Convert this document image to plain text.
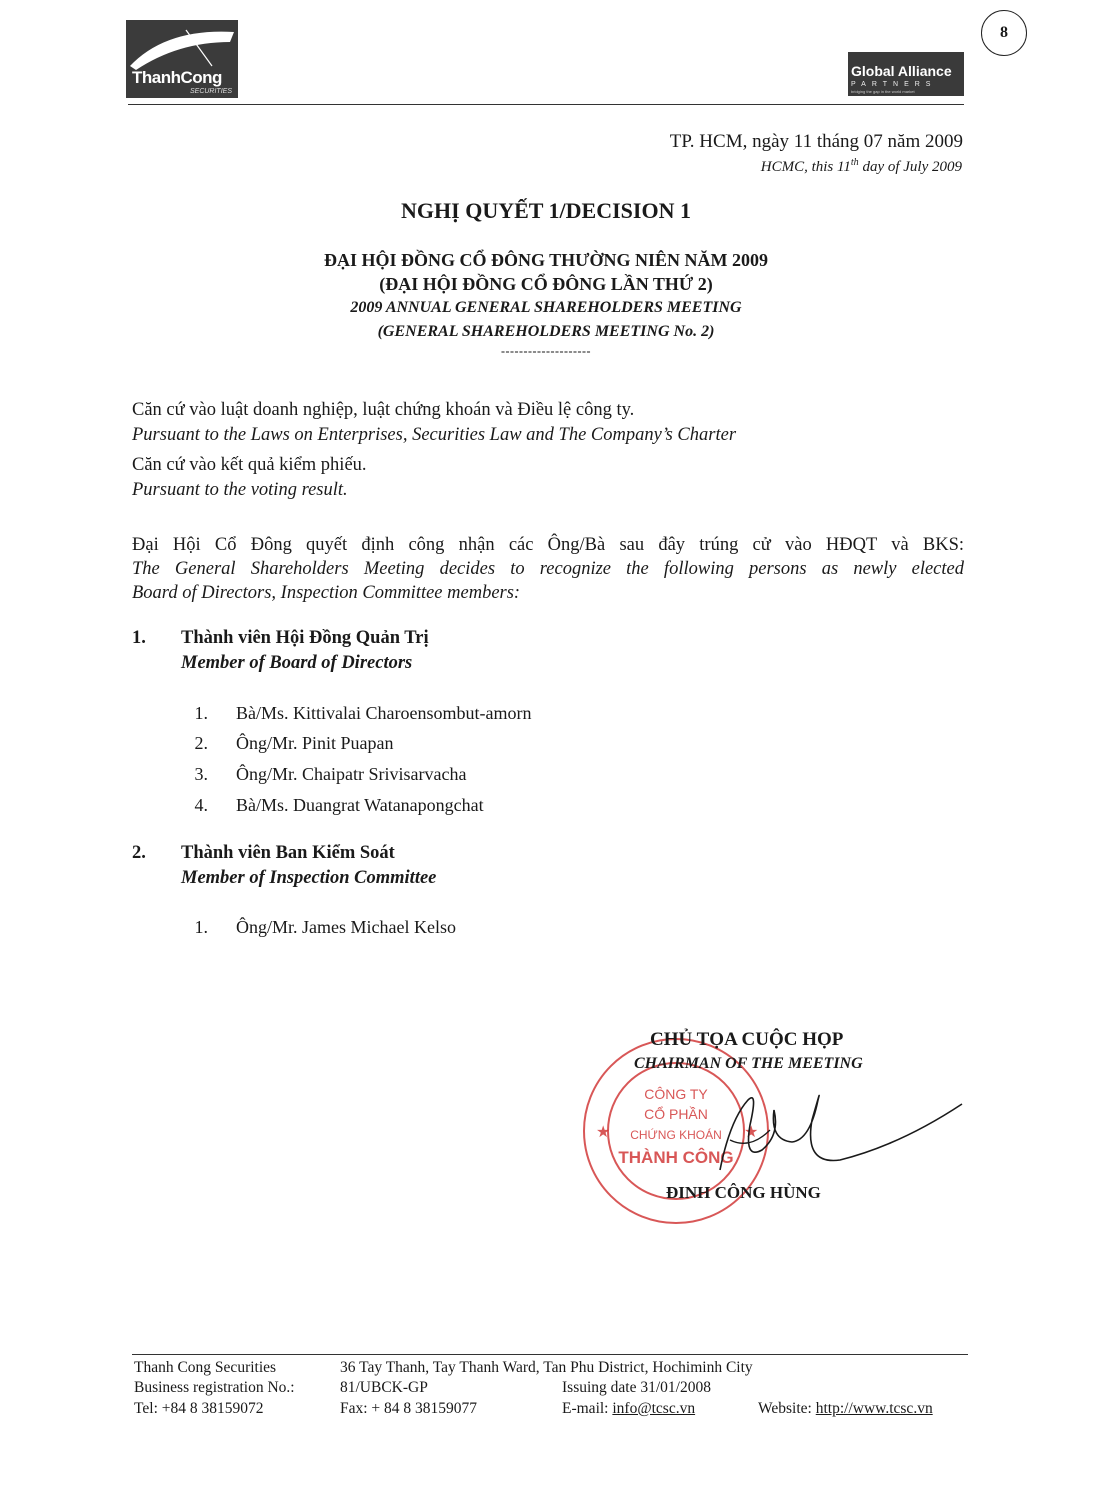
ThanhCong
SECURITIES
Global Alliance
PARTNERS
bridging the gap in the world market
8
TP. HCM, ngày 11 tháng 07 năm 2009
HCMC, this 11th day of July 2009
NGHỊ QUYẾT 1/DECISION 1
ĐẠI HỘI ĐỒNG CỔ ĐÔNG THƯỜNG NIÊN NĂM 2009
(ĐẠI HỘI ĐỒNG CỔ ĐÔNG LẦN THỨ 2)
2009 ANNUAL GENERAL SHAREHOLDERS MEETING
(GENERAL SHAREHOLDERS MEETING No. 2)
--------------------
Căn cứ vào luật doanh nghiệp, luật chứng khoán và Điều lệ công ty.
Pursuant to the Laws on Enterprises, Securities Law and The Company’s Charter
Căn cứ vào kết quả kiểm phiếu.
Pursuant to the voting result.
Đại Hội Cổ Đông quyết định công nhận các Ông/Bà sau đây trúng cử vào HĐQT và BKS:
The General Shareholders Meeting decides to recognize the following persons as newly elected
Board of Directors, Inspection Committee members:
1. Thành viên Hội Đồng Quản Trị
Member of Board of Directors
1. Bà/Ms. Kittivalai Charoensombut-amorn
2. Ông/Mr. Pinit Puapan
3. Ông/Mr. Chaipatr Srivisarvacha
4. Bà/Ms. Duangrat Watanapongchat
2. Thành viên Ban Kiểm Soát
Member of Inspection Committee
1. Ông/Mr. James Michael Kelso
CÔNG TY
CỔ PHẦN
CHỨNG KHOÁN
THÀNH CÔNG
★	★
CHỦ TỌA CUỘC HỌP
CHAIRMAN OF THE MEETING
ĐINH CÔNG HÙNG
Thanh Cong Securities	36 Tay Thanh, Tay Thanh Ward, Tan Phu District, Hochiminh City
Business registration No.:	81/UBCK-GP	Issuing date 31/01/2008
Tel: +84 8 38159072	Fax: + 84 8 38159077	E-mail: info@tcsc.vn	Website: http://www.tcsc.vn
